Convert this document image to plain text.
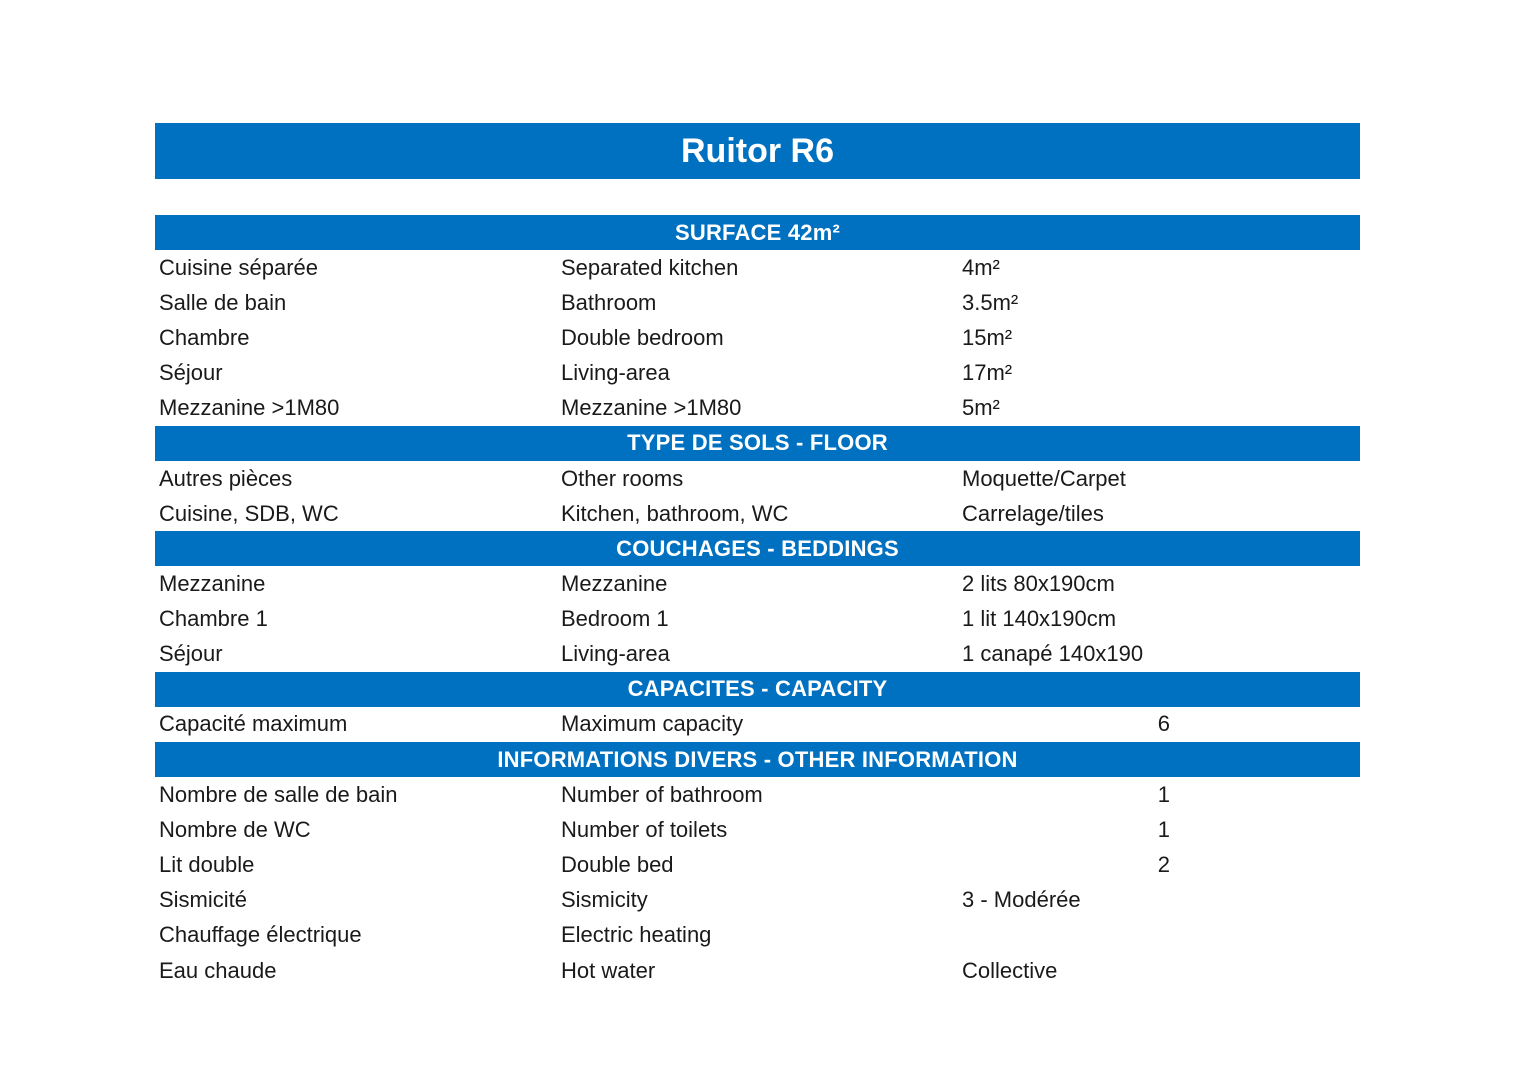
Ruitor R6
SURFACE 42m²
Cuisine séparée	Separated kitchen	4m²
Salle de bain	Bathroom	3.5m²
Chambre	Double bedroom	15m²
Séjour	Living-area	17m²
Mezzanine >1M80	Mezzanine >1M80	5m²
TYPE DE SOLS - FLOOR
Autres pièces	Other rooms	Moquette/Carpet
Cuisine, SDB, WC	Kitchen, bathroom, WC	Carrelage/tiles
COUCHAGES - BEDDINGS
Mezzanine	Mezzanine	2 lits 80x190cm
Chambre 1	Bedroom 1	1 lit 140x190cm
Séjour	Living-area	1 canapé 140x190
CAPACITES - CAPACITY
Capacité maximum	Maximum capacity	6
INFORMATIONS DIVERS - OTHER INFORMATION
Nombre de salle de bain	Number of bathroom	1
Nombre de WC	Number of toilets	1
Lit double	Double bed	2
Sismicité	Sismicity	3 - Modérée
Chauffage électrique	Electric heating
Eau chaude	Hot water	Collective
